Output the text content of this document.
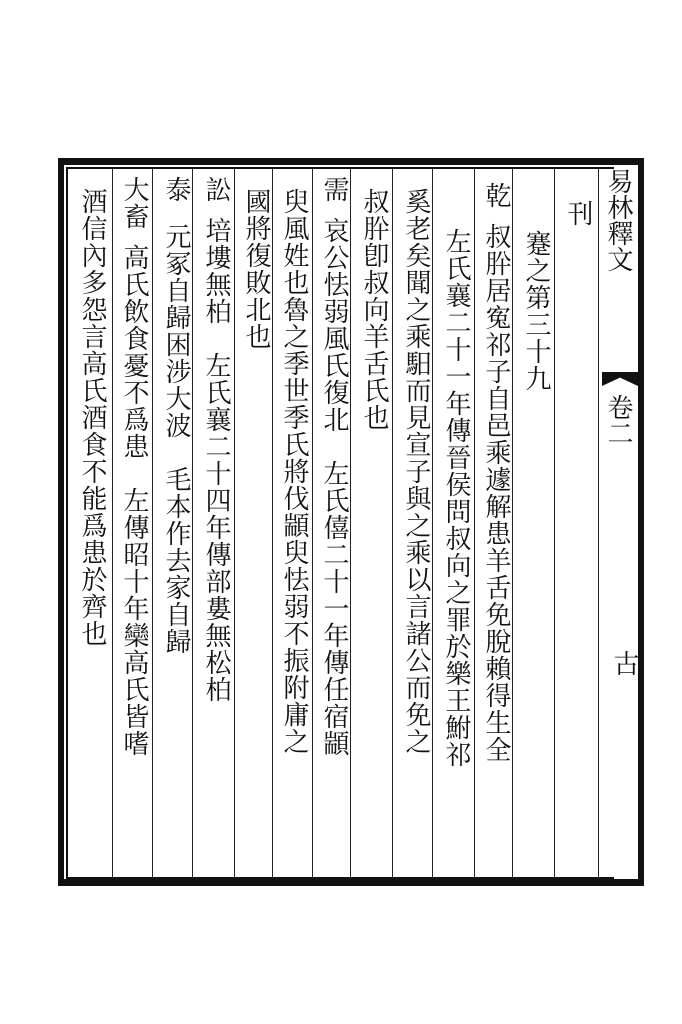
易林釋文
卷二
古
刊
蹇之第三十九
乾
叔肸居寃祁子自邑乘遽解患羊舌免脫賴得生全
左氏襄二十一年傳晉侯問叔向之罪於樂王鮒祁
奚老矣聞之乘馹而見宣子與之乘以言諸公而免之
叔肸卽叔向羊舌氏也
需
哀公怯弱風氏復北　左氏僖二十一年傳任宿顓
臾風姓也魯之季世季氏將伐顓臾怯弱不振附庸之
國將復敗北也
訟
培塿無柏　左氏襄二十四年傳部婁無松柏
泰
元冢自歸困涉大波　毛本作去家自歸
大畜
高氏飲食憂不爲患　左傳昭十年欒高氏皆嗜
酒信內多怨言高氏酒食不能爲患於齊也
